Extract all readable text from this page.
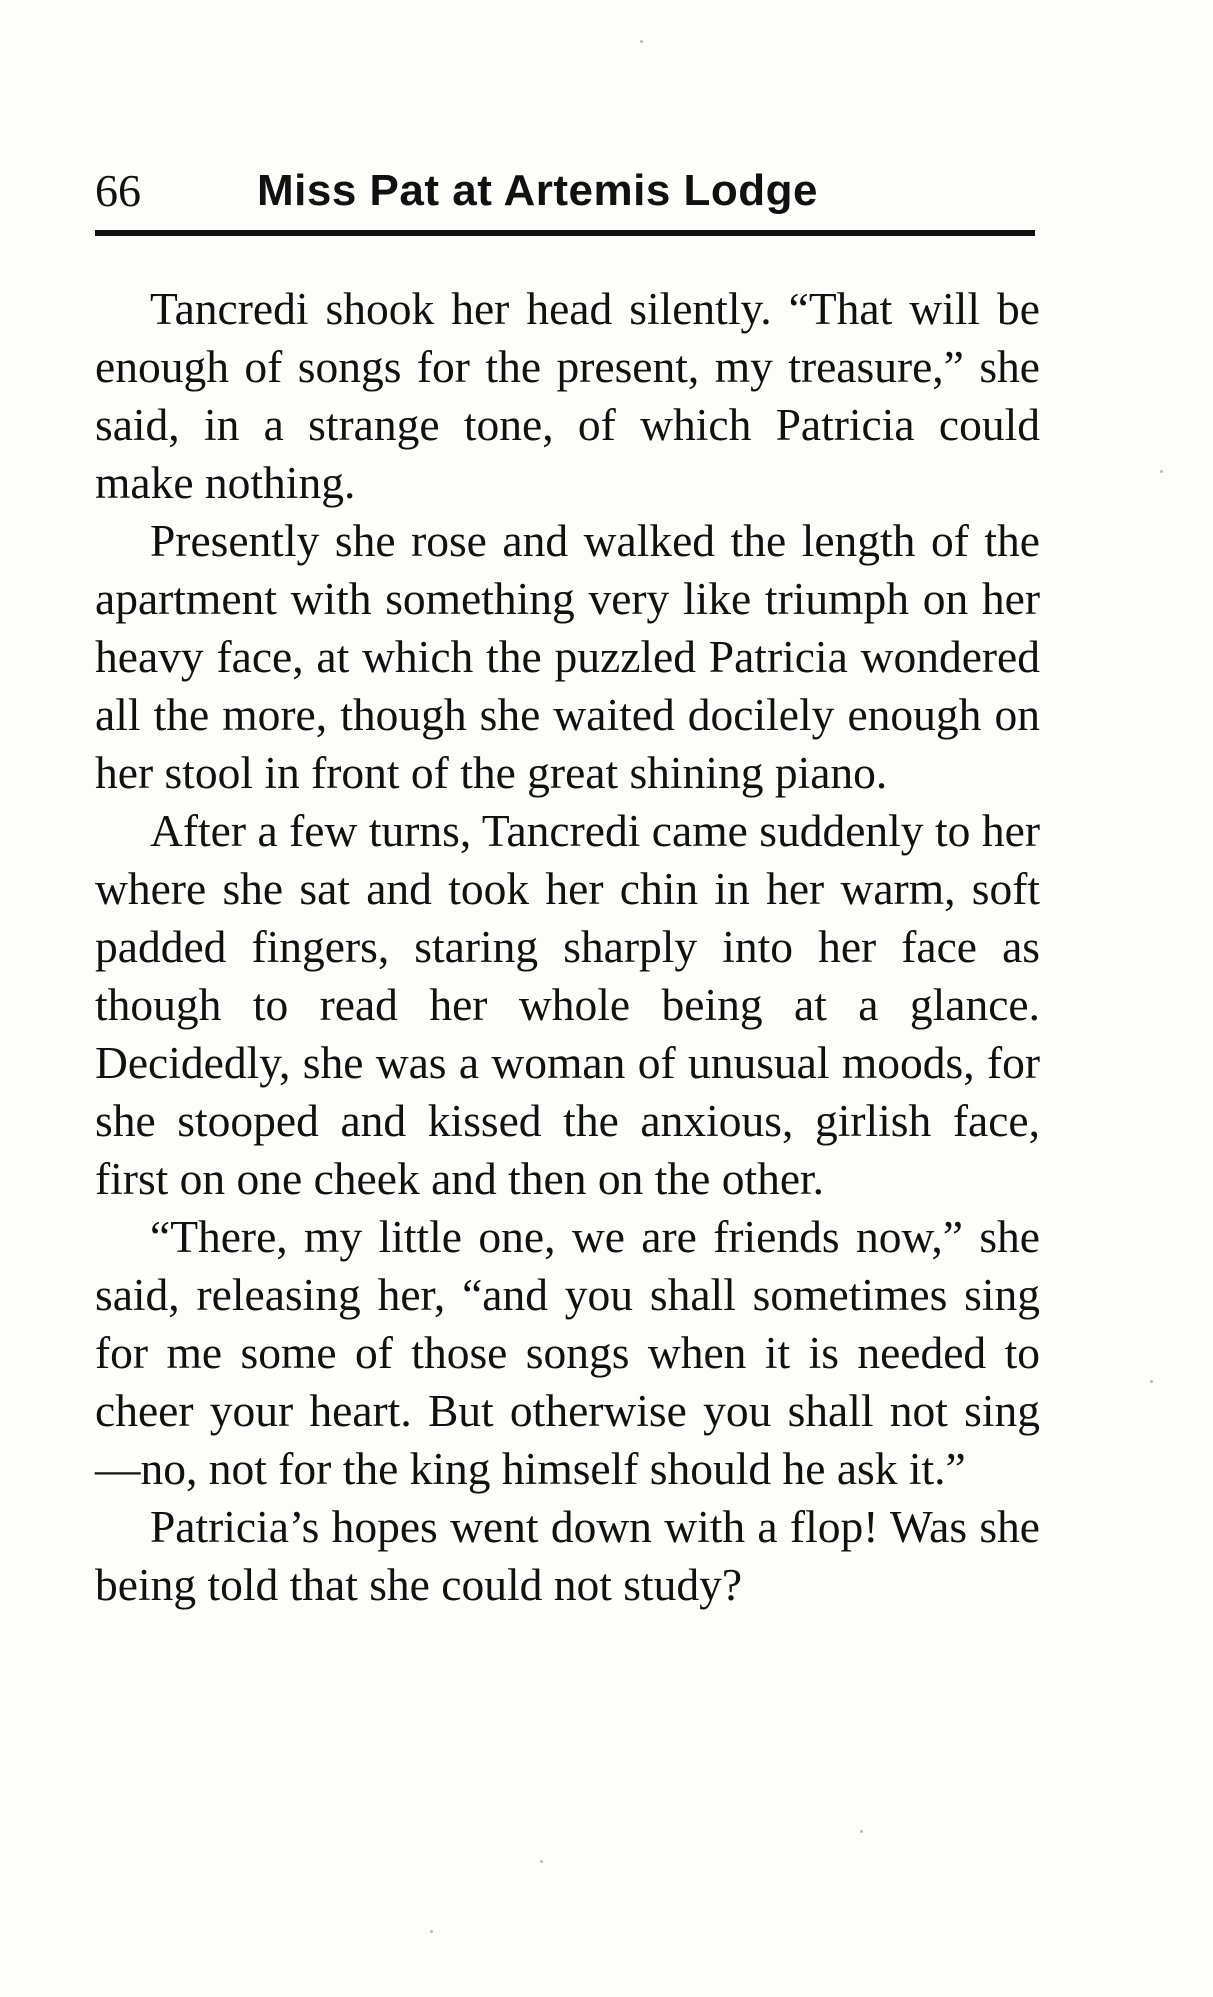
66	Miss Pat at Artemis Lodge

Tancredi shook her head silently. “That will be enough of songs for the present, my treasure,” she said, in a strange tone, of which Patricia could make nothing.

Presently she rose and walked the length of the apartment with something very like triumph on her heavy face, at which the puzzled Patricia wondered all the more, though she waited docilely enough on her stool in front of the great shining piano.

After a few turns, Tancredi came suddenly to her where she sat and took her chin in her warm, soft padded fingers, staring sharply into her face as though to read her whole being at a glance. Decidedly, she was a woman of unusual moods, for she stooped and kissed the anxious, girlish face, first on one cheek and then on the other.

“There, my little one, we are friends now,” she said, releasing her, “and you shall sometimes sing for me some of those songs when it is needed to cheer your heart. But otherwise you shall not sing—no, not for the king himself should he ask it.”

Patricia’s hopes went down with a flop! Was she being told that she could not study?
